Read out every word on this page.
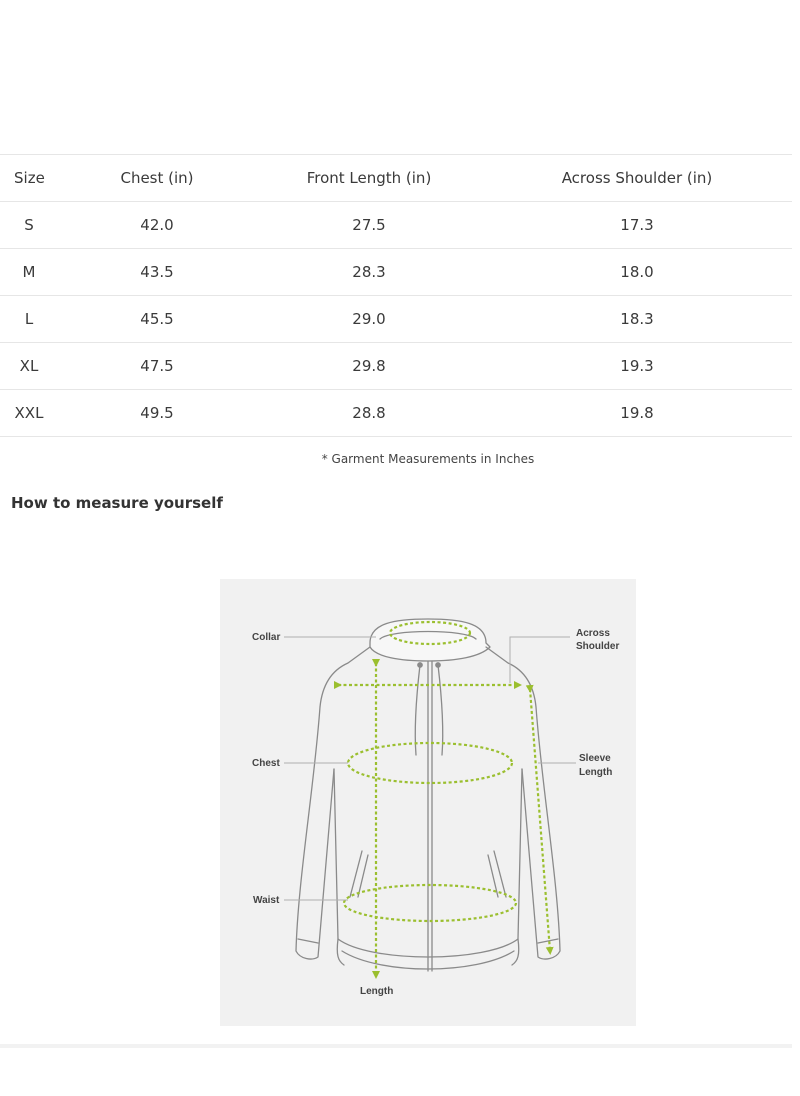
Size	Chest (in)	Front Length (in)	Across Shoulder (in)
S	42.0	27.5	17.3
M	43.5	28.3	18.0
L	45.5	29.0	18.3
XL	47.5	29.8	19.3
XXL	49.5	28.8	19.8
* Garment Measurements in Inches
How to measure yourself
Collar
Chest
Waist
Length
Across
Shoulder
Sleeve
Length
